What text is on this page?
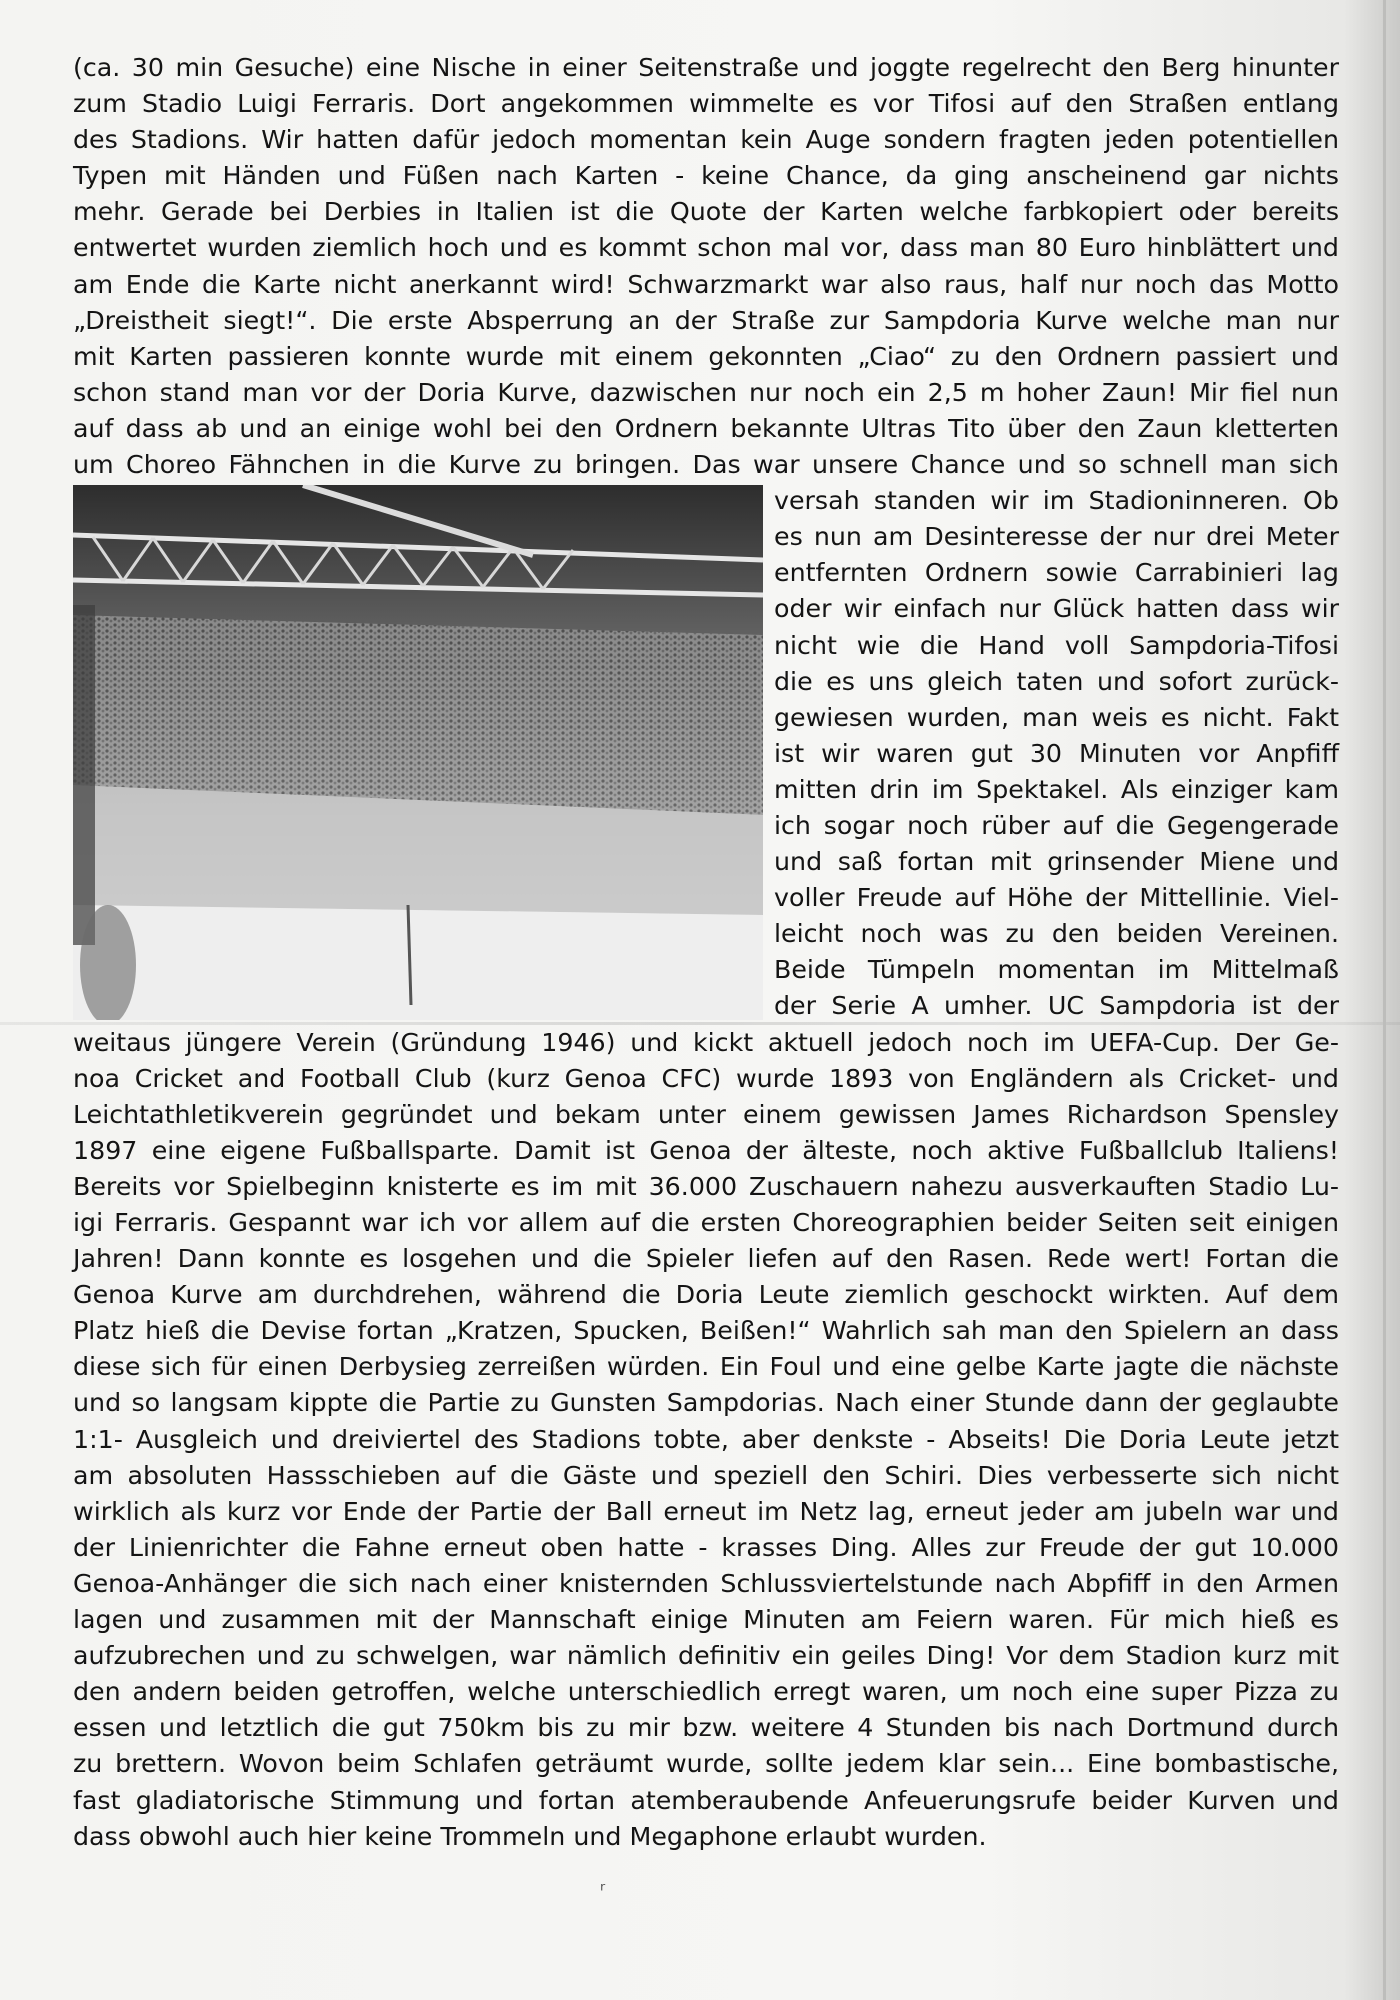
(ca. 30 min Gesuche) eine Nische in einer Seitenstraße und joggte regelrecht den Berg hinunter
zum Stadio Luigi Ferraris. Dort angekommen wimmelte es vor Tifosi auf den Straßen entlang
des Stadions. Wir hatten dafür jedoch momentan kein Auge sondern fragten jeden potentiellen
Typen mit Händen und Füßen nach Karten - keine Chance, da ging anscheinend gar nichts
mehr. Gerade bei Derbies in Italien ist die Quote der Karten welche farbkopiert oder bereits
entwertet wurden ziemlich hoch und es kommt schon mal vor, dass man 80 Euro hinblättert und
am Ende die Karte nicht anerkannt wird! Schwarzmarkt war also raus, half nur noch das Motto
„Dreistheit siegt!“. Die erste Absperrung an der Straße zur Sampdoria Kurve welche man nur
mit Karten passieren konnte wurde mit einem gekonnten „Ciao“ zu den Ordnern passiert und
schon stand man vor der Doria Kurve, dazwischen nur noch ein 2,5 m hoher Zaun! Mir fiel nun
auf dass ab und an einige wohl bei den Ordnern bekannte Ultras Tito über den Zaun kletterten
um Choreo Fähnchen in die Kurve zu bringen. Das war unsere Chance und so schnell man sich
versah standen wir im Stadioninneren. Ob
es nun am Desinteresse der nur drei Meter
entfernten Ordnern sowie Carrabinieri lag
oder wir einfach nur Glück hatten dass wir
nicht wie die Hand voll Sampdoria-Tifosi
die es uns gleich taten und sofort zurück-
gewiesen wurden, man weis es nicht. Fakt
ist wir waren gut 30 Minuten vor Anpfiff
mitten drin im Spektakel. Als einziger kam
ich sogar noch rüber auf die Gegengerade
und saß fortan mit grinsender Miene und
voller Freude auf Höhe der Mittellinie. Viel-
leicht noch was zu den beiden Vereinen.
Beide Tümpeln momentan im Mittelmaß
der Serie A umher. UC Sampdoria ist der
weitaus jüngere Verein (Gründung 1946) und kickt aktuell jedoch noch im UEFA-Cup. Der Ge-
noa Cricket and Football Club (kurz Genoa CFC) wurde 1893 von Engländern als Cricket- und
Leichtathletikverein gegründet und bekam unter einem gewissen James Richardson Spensley
1897 eine eigene Fußballsparte. Damit ist Genoa der älteste, noch aktive Fußballclub Italiens!
Bereits vor Spielbeginn knisterte es im mit 36.000 Zuschauern nahezu ausverkauften Stadio Lu-
igi Ferraris. Gespannt war ich vor allem auf die ersten Choreographien beider Seiten seit einigen
Jahren! Dann konnte es losgehen und die Spieler liefen auf den Rasen. Rede wert! Fortan die
Genoa Kurve am durchdrehen, während die Doria Leute ziemlich geschockt wirkten. Auf dem
Platz hieß die Devise fortan „Kratzen, Spucken, Beißen!“ Wahrlich sah man den Spielern an dass
diese sich für einen Derbysieg zerreißen würden. Ein Foul und eine gelbe Karte jagte die nächste
und so langsam kippte die Partie zu Gunsten Sampdorias. Nach einer Stunde dann der geglaubte
1:1- Ausgleich und dreiviertel des Stadions tobte, aber denkste - Abseits! Die Doria Leute jetzt
am absoluten Hassschieben auf die Gäste und speziell den Schiri. Dies verbesserte sich nicht
wirklich als kurz vor Ende der Partie der Ball erneut im Netz lag, erneut jeder am jubeln war und
der Linienrichter die Fahne erneut oben hatte - krasses Ding. Alles zur Freude der gut 10.000
Genoa-Anhänger die sich nach einer knisternden Schlussviertelstunde nach Abpfiff in den Armen
lagen und zusammen mit der Mannschaft einige Minuten am Feiern waren. Für mich hieß es
aufzubrechen und zu schwelgen, war nämlich definitiv ein geiles Ding! Vor dem Stadion kurz mit
den andern beiden getroffen, welche unterschiedlich erregt waren, um noch eine super Pizza zu
essen und letztlich die gut 750km bis zu mir bzw. weitere 4 Stunden bis nach Dortmund durch
zu brettern. Wovon beim Schlafen geträumt wurde, sollte jedem klar sein... Eine bombastische,
fast gladiatorische Stimmung und fortan atemberaubende Anfeuerungsrufe beider Kurven und
dass obwohl auch hier keine Trommeln und Megaphone erlaubt wurden.
ʳ
